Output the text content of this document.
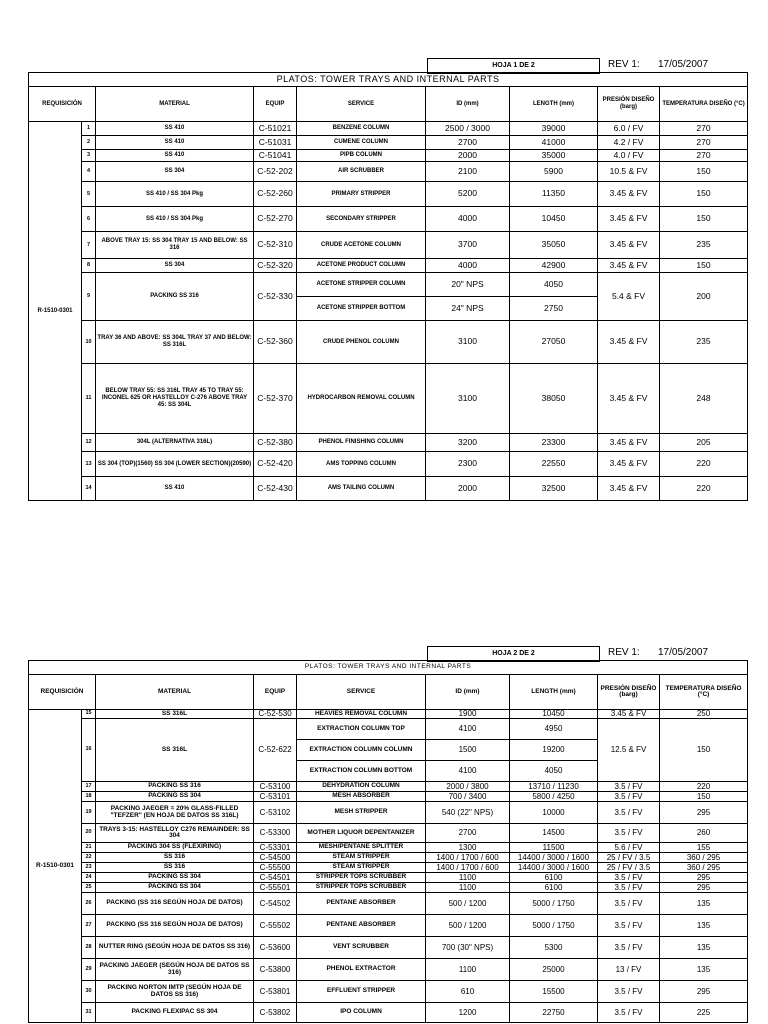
HOJA 1 DE 2	REV 1: 17/05/2007
PLATOS: TOWER TRAYS AND INTERNAL PARTS								
REQUISICIÓN		MATERIAL	EQUIP	SERVICE	ID (mm)	LENGTH (mm)	PRESIÓN DISEÑO (barg)	TEMPERATURA DISEÑO (°C)
R-1510-0301	1	SS 410	C-51021	BENZENE COLUMN	2500 / 3000	39000	6.0 / FV	270
	2	SS 410	C-51031	CUMENE COLUMN	2700	41000	4.2 / FV	270
	3	SS 410	C-51041	PIPB COLUMN	2000	35000	4.0 / FV	270
	4	SS 304	C-52-202	AIR SCRUBBER	2100	5900	10.5 & FV	150
	5	SS 410 / SS 304 Pkg	C-52-260	PRIMARY STRIPPER	5200	11350	3.45 & FV	150
	6	SS 410 / SS 304 Pkg	C-52-270	SECONDARY STRIPPER	4000	10450	3.45 & FV	150
	7	ABOVE TRAY 15: SS 304 TRAY 15 AND BELOW: SS 316	C-52-310	CRUDE ACETONE COLUMN	3700	35050	3.45 & FV	235
	8	SS 304	C-52-320	ACETONE PRODUCT COLUMN	4000	42900	3.45 & FV	150
	9	PACKING SS 316	C-52-330	ACETONE STRIPPER COLUMN	20" NPS	4050	5.4 & FV	200
				ACETONE STRIPPER BOTTOM	24" NPS	2750		
	10	TRAY 36 AND ABOVE: SS 304L TRAY 37 AND BELOW: SS 316L	C-52-360	CRUDE PHENOL COLUMN	3100	27050	3.45 & FV	235
	11	BELOW TRAY 55: SS 316L TRAY 45 TO TRAY 55: INCONEL 625 OR HASTELLOY C-276 ABOVE TRAY 45: SS 304L	C-52-370	HYDROCARBON REMOVAL COLUMN	3100	38050	3.45 & FV	248
	12	304L (ALTERNATIVA 316L)	C-52-380	PHENOL FINISHING COLUMN	3200	23300	3.45 & FV	205
	13	SS 304 (TOP)(1560) SS 304 (LOWER SECTION)(20590)	C-52-420	AMS TOPPING COLUMN	2300	22550	3.45 & FV	220
	14	SS 410	C-52-430	AMS TAILING COLUMN	2000	32500	3.45 & FV	220
HOJA 2 DE 2	REV 1: 17/05/2007
PLATOS: TOWER TRAYS AND INTERNAL PARTS								
REQUISICIÓN		MATERIAL	EQUIP	SERVICE	ID (mm)	LENGTH (mm)	PRESIÓN DISEÑO (barg)	TEMPERATURA DISEÑO (°C)
R-1510-0301	15	SS 316L	C-52-530	HEAVIES REMOVAL COLUMN	1900	10450	3.45 & FV	250
	16	SS 316L	C-52-622	EXTRACTION COLUMN TOP	4100	4950	12.5 & FV	150
				EXTRACTION COLUMN COLUMN	1500	19200		
				EXTRACTION COLUMN BOTTOM	4100	4050		
	17	PACKING SS 316	C-53100	DEHYDRATION COLUMN	2000 / 3800	13710 / 11230	3.5 / FV	220
	18	PACKING SS 304	C-53101	MESH ABSORBER	700 / 3400	5800 / 4250	3.5 / FV	150
	19	PACKING JAEGER = 20% GLASS-FILLED "TEFZER" (EN HOJA DE DATOS SS 316L)	C-53102	MESH STRIPPER	540 (22" NPS)	10000	3.5 / FV	295
	20	TRAYS 3-15: HASTELLOY C276 REMAINDER: SS 304	C-53300	MOTHER LIQUOR DEPENTANIZER	2700	14500	3.5 / FV	260
	21	PACKING 304 SS (FLEXIRING)	C-53301	MESH/PENTANE SPLITTER	1300	11500	5.6 / FV	155
	22	SS 316	C-54500	STEAM STRIPPER	1400 / 1700 / 600	14400 / 3000 / 1600	25 / FV / 3.5	360 / 295
	23	SS 316	C-55500	STEAM STRIPPER	1400 / 1700 / 600	14400 / 3000 / 1600	25 / FV / 3.5	360 / 295
	24	PACKING SS 304	C-54501	STRIPPER TOPS SCRUBBER	1100	6100	3.5 / FV	295
	25	PACKING SS 304	C-55501	STRIPPER TOPS SCRUBBER	1100	6100	3.5 / FV	295
	26	PACKING (SS 316 SEGÚN HOJA DE DATOS)	C-54502	PENTANE ABSORBER	500 / 1200	5000 / 1750	3.5 / FV	135
	27	PACKING (SS 316 SEGÚN HOJA DE DATOS)	C-55502	PENTANE ABSORBER	500 / 1200	5000 / 1750	3.5 / FV	135
	28	NUTTER RING (SEGÚN HOJA DE DATOS SS 316)	C-53600	VENT SCRUBBER	700 (30" NPS)	5300	3.5 / FV	135
	29	PACKING JAEGER (SEGÚN HOJA DE DATOS SS 316)	C-53800	PHENOL EXTRACTOR	1100	25000	13 / FV	135
	30	PACKING NORTON IMTP (SEGÚN HOJA DE DATOS SS 316)	C-53801	EFFLUENT STRIPPER	610	15500	3.5 / FV	295
	31	PACKING FLEXIPAC SS 304	C-53802	IPO COLUMN	1200	22750	3.5 / FV	225
